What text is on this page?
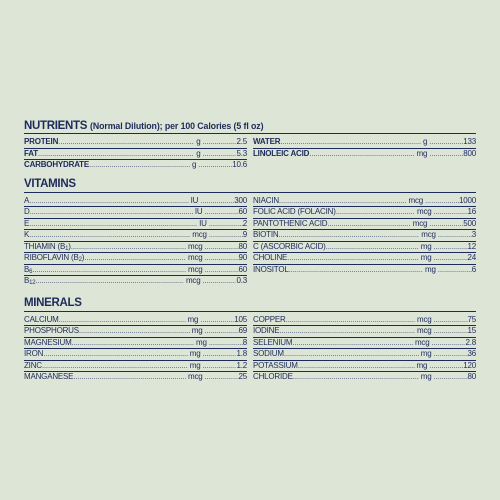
NUTRIENTS (Normal Dilution); per 100 Calories (5 fl oz)
PROTEIN .....	g .....	2.5
FAT .....	g .....	5.3
CARBOHYDRATE .....	g .....	10.6
WATER .....	g .....	133
LINOLEIC ACID .....	mg .....	800
VITAMINS
A .....	IU .....	300
D .....	IU .....	60
E .....	IU .....	2
K .....	mcg .....	9
THIAMIN $(B_1)$ .....	mcg .....	80
RIBOFLAVIN $(B_2)$ .....	mcg .....	90
$B_6$ .....	mcg .....	60
$B_{12}$ .....	mcg .....	0.3
NIACIN .....	mcg .....	1000
FOLIC ACID (FOLACIN) .....	mcg .....	16
PANTOTHENIC ACID .....	mcg .....	500
BIOTIN .....	mcg .....	3
C (ASCORBIC ACID) .....	mg .....	12
CHOLINE .....	mg .....	24
INOSITOL .....	mg .....	6
MINERALS
CALCIUM .....	mg .....	105
PHOSPHORUS .....	mg .....	69
MAGNESIUM .....	mg .....	8
IRON .....	mg .....	1.8
ZINC .....	mg .....	1.2
MANGANESE .....	mcg .....	25
COPPER .....	mcg .....	75
IODINE .....	mcg .....	15
SELENIUM .....	mcg .....	2.8
SODIUM .....	mg .....	36
POTASSIUM .....	mg .....	120
CHLORIDE .....	mg .....	80
